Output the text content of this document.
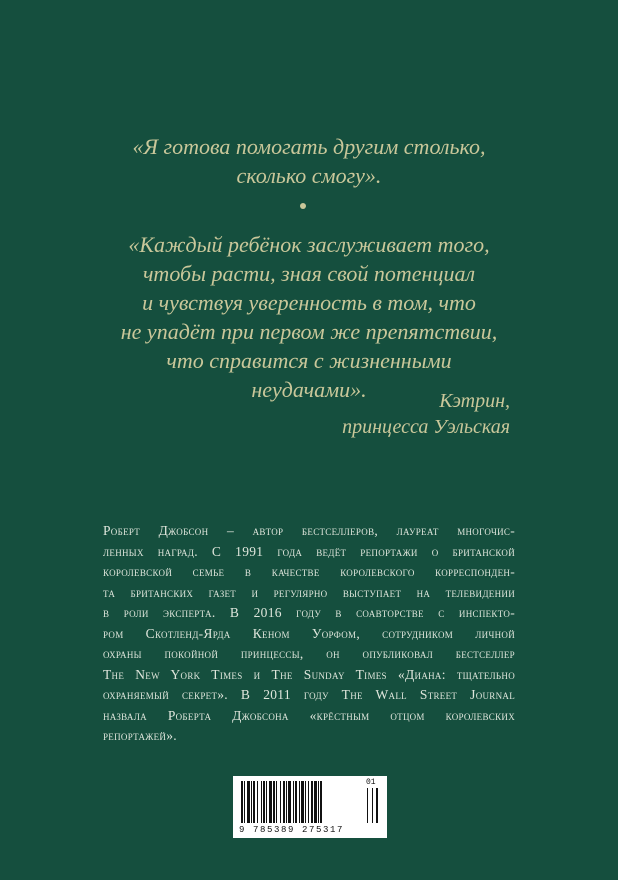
«Я готова помогать другим столько,
сколько смогу».
«Каждый ребёнок заслуживает того,
чтобы расти, зная свой потенциал
и чувствуя уверенность в том, что
не упадёт при первом же препятствии,
что справится с жизненными
неудачами».	Кэтрин,
принцесса Уэльская
Роберт Джобсон – автор бестселлеров, лауреат многочис-
ленных наград. С 1991 года ведёт репортажи о британской
королевской семье в качестве королевского корреспонден-
та британских газет и регулярно выступает на телевидении
в роли эксперта. В 2016 году в соавторстве с инспекто-
ром Скотленд-Ярда Кеном Уорфом, сотрудником личной
охраны покойной принцессы, он опубликовал бестселлер
The New York Times и The Sunday Times «Диана: тщательно
охраняемый секрет». В 2011 году The Wall Street Journal
назвала Роберта Джобсона «крёстным отцом королевских
репортажей».
9 785389 275317
01
